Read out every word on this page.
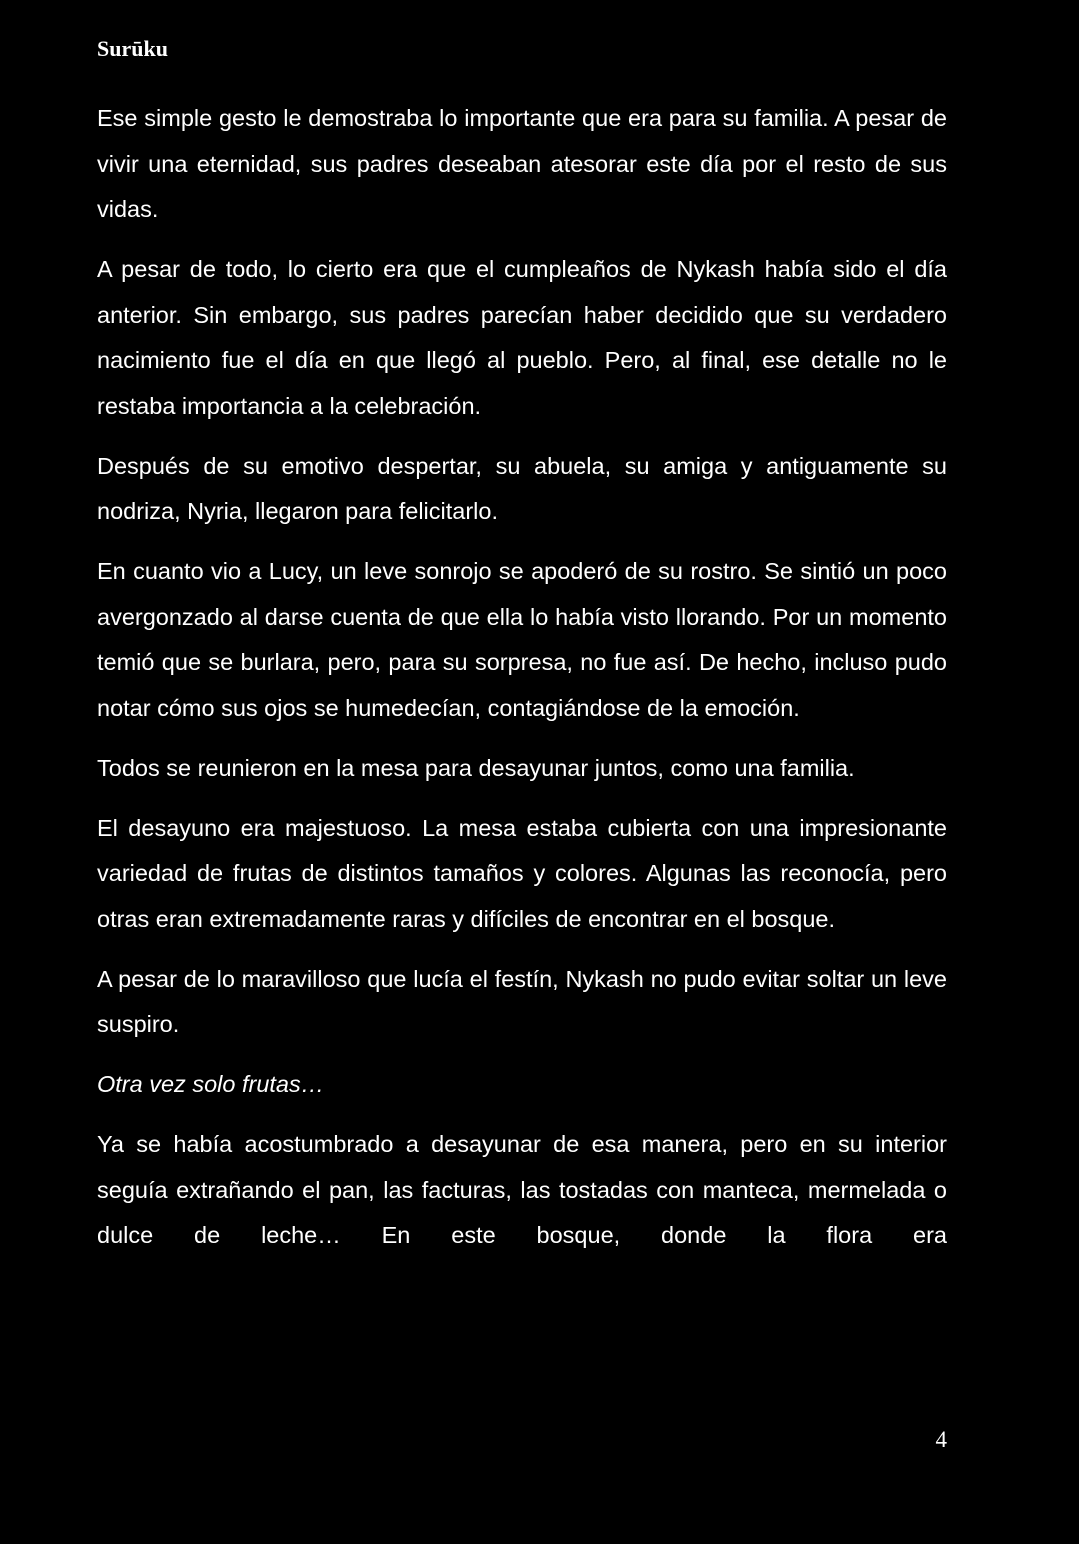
Surūku

Ese simple gesto le demostraba lo importante que era para su familia. A pesar de vivir una eternidad, sus padres deseaban atesorar este día por el resto de sus vidas.

A pesar de todo, lo cierto era que el cumpleaños de Nykash había sido el día anterior. Sin embargo, sus padres parecían haber decidido que su verdadero nacimiento fue el día en que llegó al pueblo. Pero, al final, ese detalle no le restaba importancia a la celebración.

Después de su emotivo despertar, su abuela, su amiga y antiguamente su nodriza, Nyria, llegaron para felicitarlo.

En cuanto vio a Lucy, un leve sonrojo se apoderó de su rostro. Se sintió un poco avergonzado al darse cuenta de que ella lo había visto llorando. Por un momento temió que se burlara, pero, para su sorpresa, no fue así. De hecho, incluso pudo notar cómo sus ojos se humedecían, contagiándose de la emoción.

Todos se reunieron en la mesa para desayunar juntos, como una familia.

El desayuno era majestuoso. La mesa estaba cubierta con una impresionante variedad de frutas de distintos tamaños y colores. Algunas las reconocía, pero otras eran extremadamente raras y difíciles de encontrar en el bosque.

A pesar de lo maravilloso que lucía el festín, Nykash no pudo evitar soltar un leve suspiro.

Otra vez solo frutas…

Ya se había acostumbrado a desayunar de esa manera, pero en su interior seguía extrañando el pan, las facturas, las tostadas con manteca, mermelada o dulce de leche… En este bosque, donde la flora era

4
